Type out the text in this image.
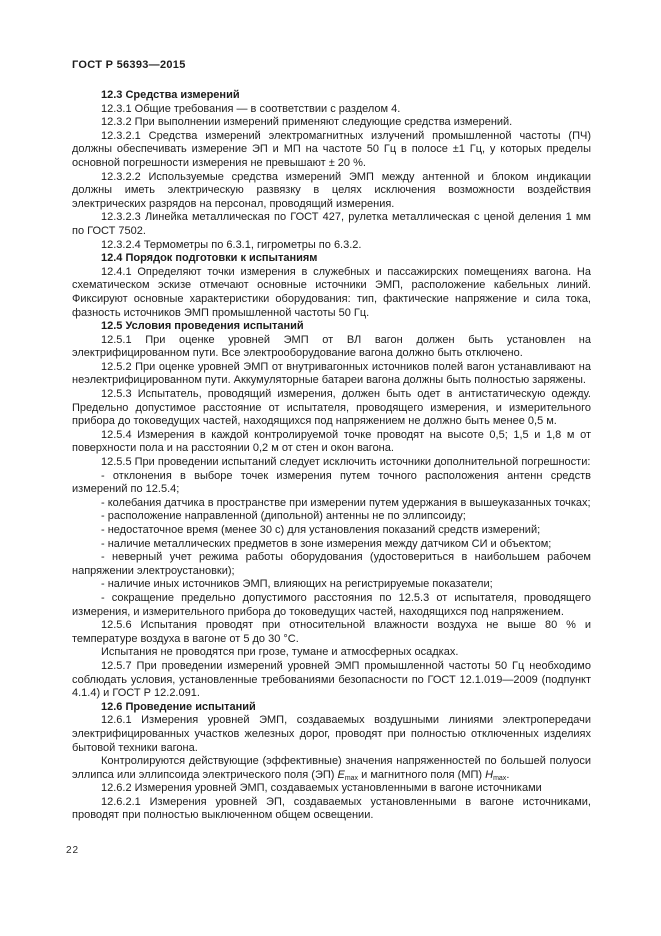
ГОСТ Р 56393—2015

12.3 Средства измерений

12.3.1 Общие требования — в соответствии с разделом 4.

12.3.2 При выполнении измерений применяют следующие средства измерений.

12.3.2.1 Средства измерений электромагнитных излучений промышленной частоты (ПЧ) должны обеспечивать измерение ЭП и МП на частоте 50 Гц в полосе ±1 Гц, у которых пределы основной погрешности измерения не превышают ± 20 %.

12.3.2.2 Используемые средства измерений ЭМП между антенной и блоком индикации должны иметь электрическую развязку в целях исключения возможности воздействия электрических разрядов на персонал, проводящий измерения.

12.3.2.3 Линейка металлическая по ГОСТ 427, рулетка металлическая с ценой деления 1 мм по ГОСТ 7502.

12.3.2.4 Термометры по 6.3.1, гигрометры по 6.3.2.

12.4 Порядок подготовки к испытаниям

12.4.1 Определяют точки измерения в служебных и пассажирских помещениях вагона. На схематическом эскизе отмечают основные источники ЭМП, расположение кабельных линий. Фиксируют основные характеристики оборудования: тип, фактические напряжение и сила тока, фазность источников ЭМП промышленной частоты 50 Гц.

12.5 Условия проведения испытаний

12.5.1 При оценке уровней ЭМП от ВЛ вагон должен быть установлен на электрифицированном пути. Все электрооборудование вагона должно быть отключено.

12.5.2 При оценке уровней ЭМП от внутривагонных источников полей вагон устанавливают на неэлектрифицированном пути. Аккумуляторные батареи вагона должны быть полностью заряжены.

12.5.3 Испытатель, проводящий измерения, должен быть одет в антистатическую одежду. Предельно допустимое расстояние от испытателя, проводящего измерения, и измерительного прибора до токоведущих частей, находящихся под напряжением не должно быть менее 0,5 м.

12.5.4 Измерения в каждой контролируемой точке проводят на высоте 0,5; 1,5 и 1,8 м от поверхности пола и на расстоянии 0,2 м от стен и окон вагона.

12.5.5 При проведении испытаний следует исключить источники дополнительной погрешности:

- отклонения в выборе точек измерения путем точного расположения антенн средств измерений по 12.5.4;

- колебания датчика в пространстве при измерении путем удержания в вышеуказанных точках;

- расположение направленной (дипольной) антенны не по эллипсоиду;

- недостаточное время (менее 30 с) для установления показаний средств измерений;

- наличие металлических предметов в зоне измерения между датчиком СИ и объектом;

- неверный учет режима работы оборудования (удостовериться в наибольшем рабочем напряжении электроустановки);

- наличие иных источников ЭМП, влияющих на регистрируемые показатели;

- сокращение предельно допустимого расстояния по 12.5.3 от испытателя, проводящего измерения, и измерительного прибора до токоведущих частей, находящихся под напряжением.

12.5.6 Испытания проводят при относительной влажности воздуха не выше 80 % и температуре воздуха в вагоне от 5 до 30 °С.

Испытания не проводятся при грозе, тумане и атмосферных осадках.

12.5.7 При проведении измерений уровней ЭМП промышленной частоты 50 Гц необходимо соблюдать условия, установленные требованиями безопасности по ГОСТ 12.1.019—2009 (подпункт 4.1.4) и ГОСТ Р 12.2.091.

12.6 Проведение испытаний

12.6.1 Измерения уровней ЭМП, создаваемых воздушными линиями электропередачи электрифицированных участков железных дорог, проводят при полностью отключенных изделиях бытовой техники вагона.

Контролируются действующие (эффективные) значения напряженностей по большей полуоси эллипса или эллипсоида электрического поля (ЭП) $E_{max}$ и магнитного поля (МП) $H_{max}$.

12.6.2 Измерения уровней ЭМП, создаваемых установленными в вагоне источниками

12.6.2.1 Измерения уровней ЭП, создаваемых установленными в вагоне источниками, проводят при полностью выключенном общем освещении.

22
